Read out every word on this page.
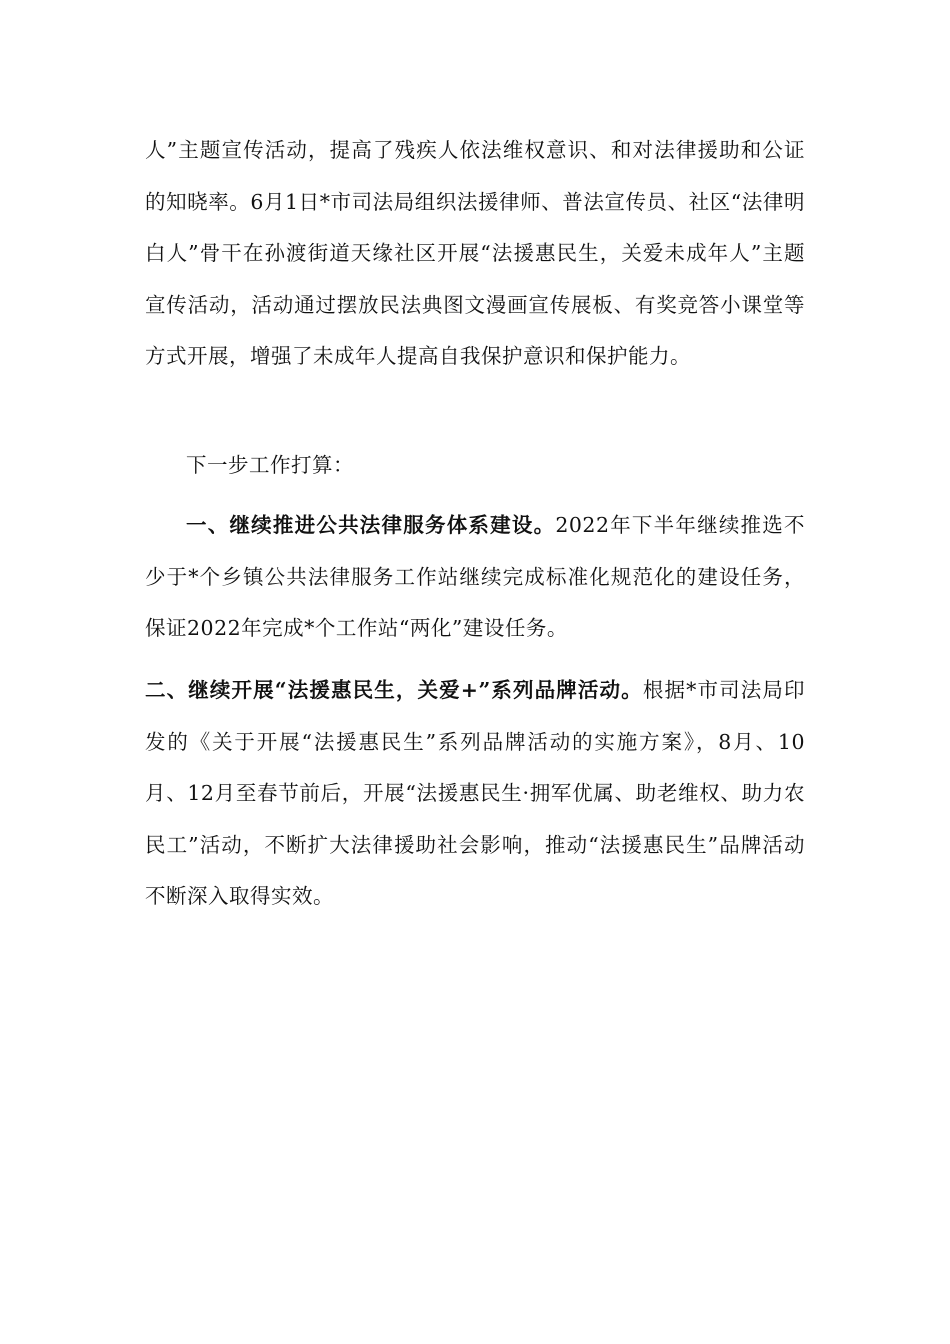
人”主题宣传活动，提高了残疾人依法维权意识、和对法律援助和公证的知晓率。6月1日*市司法局组织法援律师、普法宣传员、社区“法律明白人”骨干在孙渡街道天缘社区开展“法援惠民生，关爱未成年人”主题宣传活动，活动通过摆放民法典图文漫画宣传展板、有奖竞答小课堂等方式开展，增强了未成年人提高自我保护意识和保护能力。

下一步工作打算：

一、继续推进公共法律服务体系建设。2022年下半年继续推选不少于*个乡镇公共法律服务工作站继续完成标准化规范化的建设任务，保证2022年完成*个工作站“两化”建设任务。

二、继续开展“法援惠民生，关爱+”系列品牌活动。根据*市司法局印发的《关于开展“法援惠民生”系列品牌活动的实施方案》，8月、10月、12月至春节前后，开展“法援惠民生·拥军优属、助老维权、助力农民工”活动，不断扩大法律援助社会影响，推动“法援惠民生”品牌活动不断深入取得实效。
